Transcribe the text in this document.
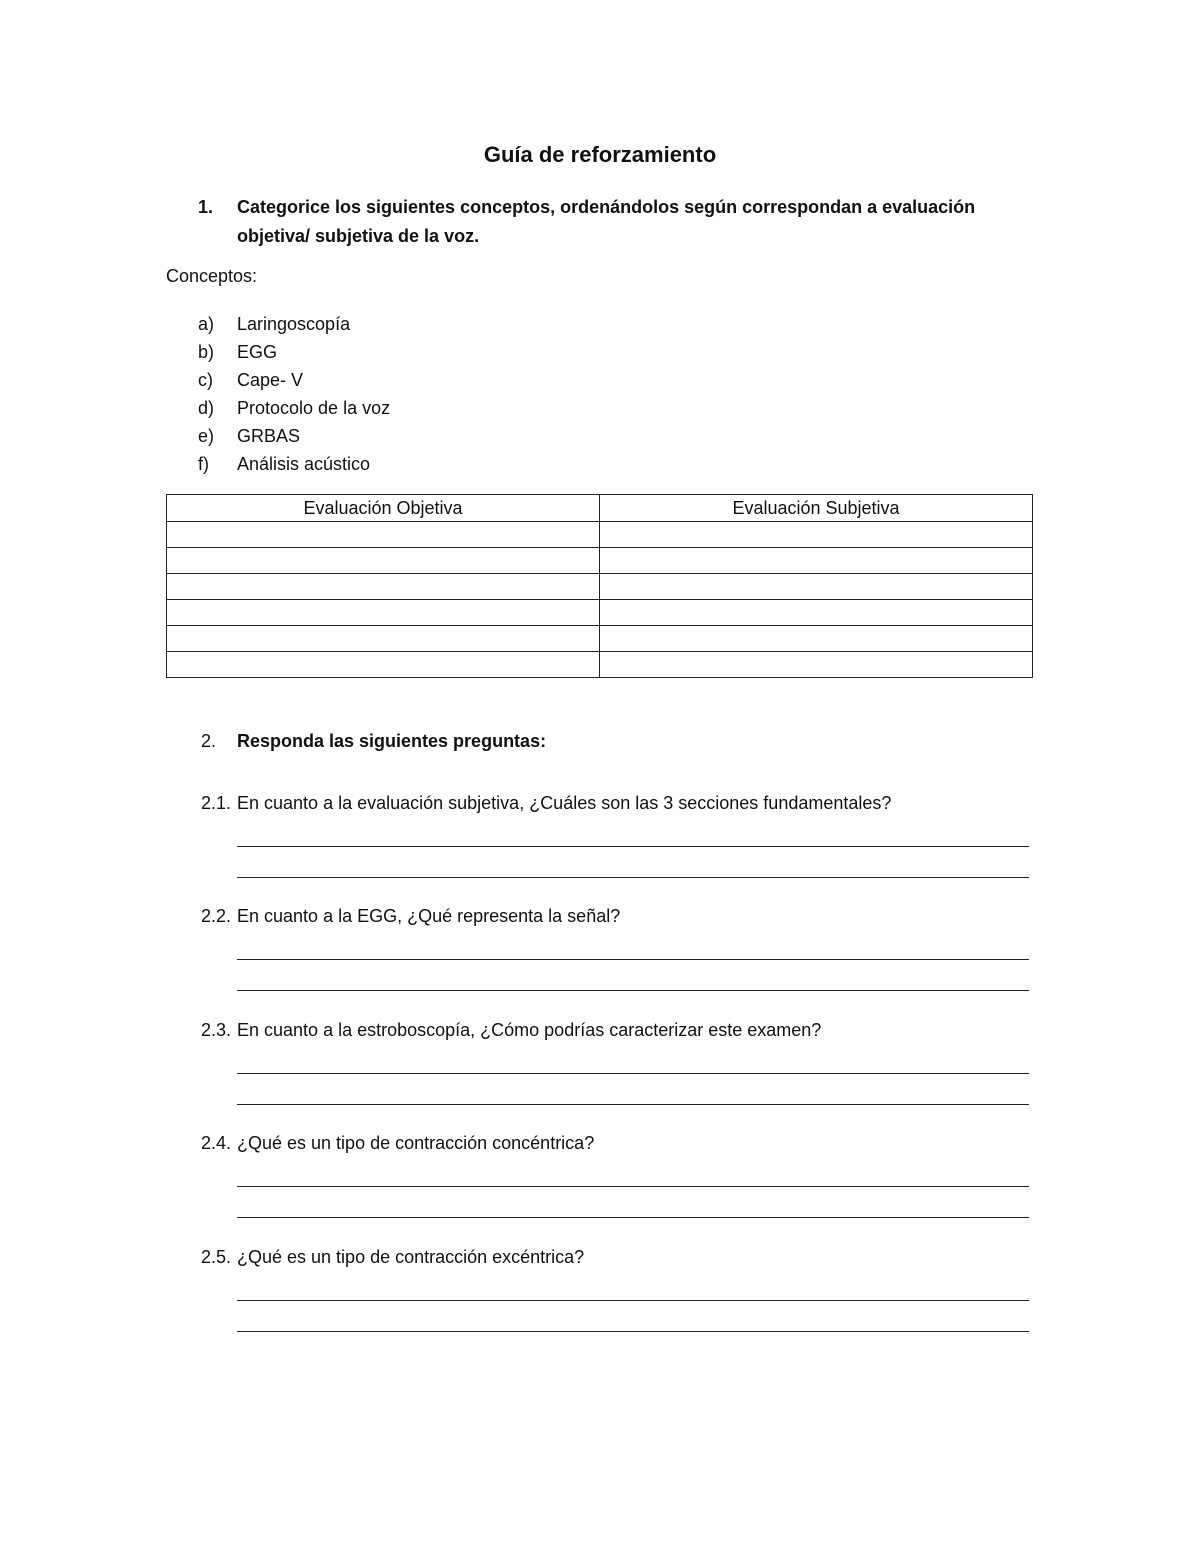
Guía de reforzamiento
1. Categorice los siguientes conceptos, ordenándolos según correspondan a evaluación objetiva/ subjetiva de la voz.

Conceptos:

a) Laringoscopía
b) EGG
c) Cape- V
d) Protocolo de la voz
e) GRBAS
f) Análisis acústico
Evaluación Objetiva	Evaluación Subjetiva

2. Responda las siguientes preguntas:
2.1. En cuanto a la evaluación subjetiva, ¿Cuáles son las 3 secciones fundamentales?
2.2. En cuanto a la EGG, ¿Qué representa la señal?
2.3. En cuanto a la estroboscopía, ¿Cómo podrías caracterizar este examen?
2.4. ¿Qué es un tipo de contracción concéntrica?
2.5. ¿Qué es un tipo de contracción excéntrica?
